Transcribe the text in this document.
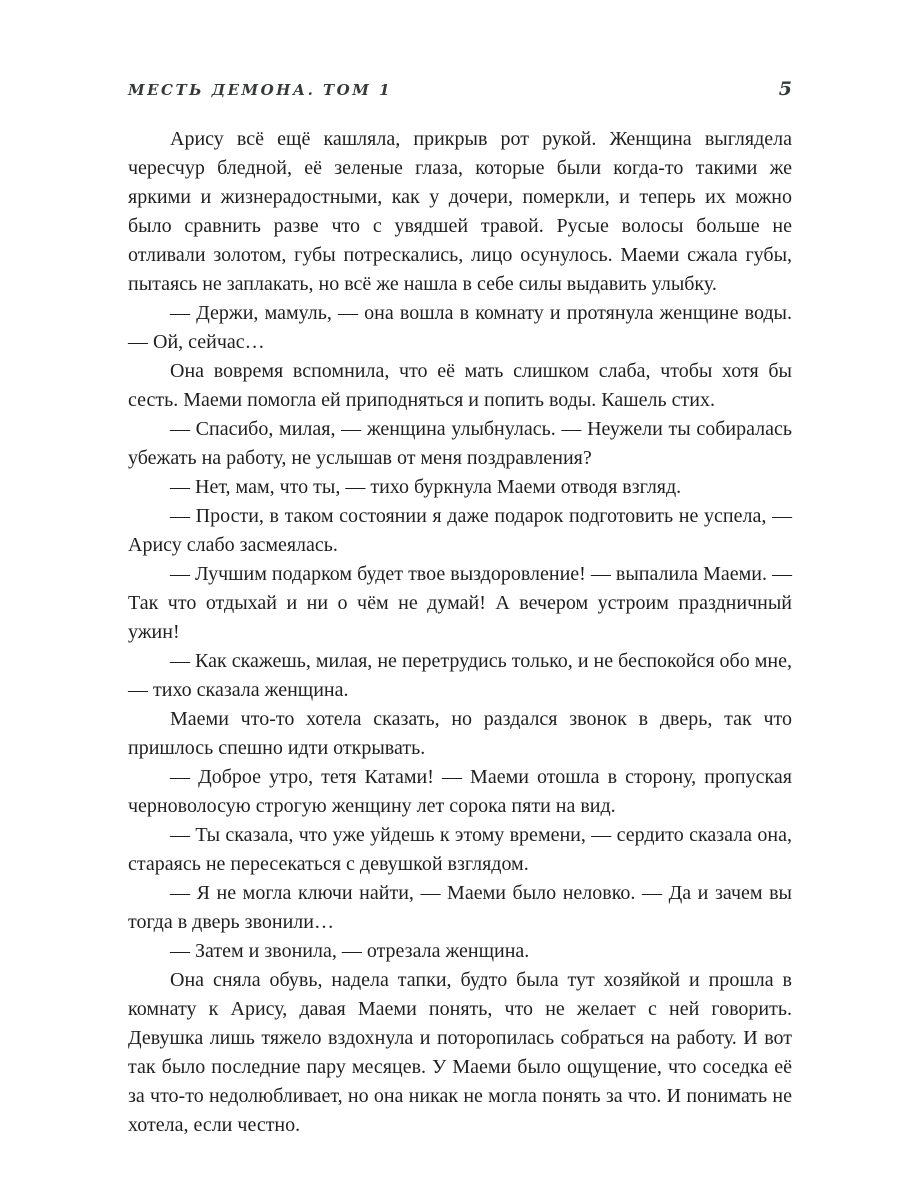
МЕСТЬ ДЕМОНА. ТОМ 1	5

Арису всё ещё кашляла, прикрыв рот рукой. Женщина выглядела чересчур бледной, её зеленые глаза, которые были когда-то такими же яркими и жизнерадостными, как у дочери, померкли, и теперь их можно было сравнить разве что с увядшей травой. Русые волосы больше не отливали золотом, губы потрескались, лицо осунулось. Маеми сжала губы, пытаясь не заплакать, но всё же нашла в себе силы выдавить улыбку.

— Держи, мамуль, — она вошла в комнату и протянула женщине воды. — Ой, сейчас…

Она вовремя вспомнила, что её мать слишком слаба, чтобы хотя бы сесть. Маеми помогла ей приподняться и попить воды. Кашель стих.

— Спасибо, милая, — женщина улыбнулась. — Неужели ты собиралась убежать на работу, не услышав от меня поздравления?

— Нет, мам, что ты, — тихо буркнула Маеми отводя взгляд.

— Прости, в таком состоянии я даже подарок подготовить не успела, — Арису слабо засмеялась.

— Лучшим подарком будет твое выздоровление! — выпалила Маеми. — Так что отдыхай и ни о чём не думай! А вечером устроим праздничный ужин!

— Как скажешь, милая, не перетрудись только, и не беспокойся обо мне, — тихо сказала женщина.

Маеми что-то хотела сказать, но раздался звонок в дверь, так что пришлось спешно идти открывать.

— Доброе утро, тетя Катами! — Маеми отошла в сторону, пропуская черноволосую строгую женщину лет сорока пяти на вид.

— Ты сказала, что уже уйдешь к этому времени, — сердито сказала она, стараясь не пересекаться с девушкой взглядом.

— Я не могла ключи найти, — Маеми было неловко. — Да и зачем вы тогда в дверь звонили…

— Затем и звонила, — отрезала женщина.

Она сняла обувь, надела тапки, будто была тут хозяйкой и прошла в комнату к Арису, давая Маеми понять, что не желает с ней говорить. Девушка лишь тяжело вздохнула и поторопилась собраться на работу. И вот так было последние пару месяцев. У Маеми было ощущение, что соседка её за что-то недолюбливает, но она никак не могла понять за что. И понимать не хотела, если честно.
